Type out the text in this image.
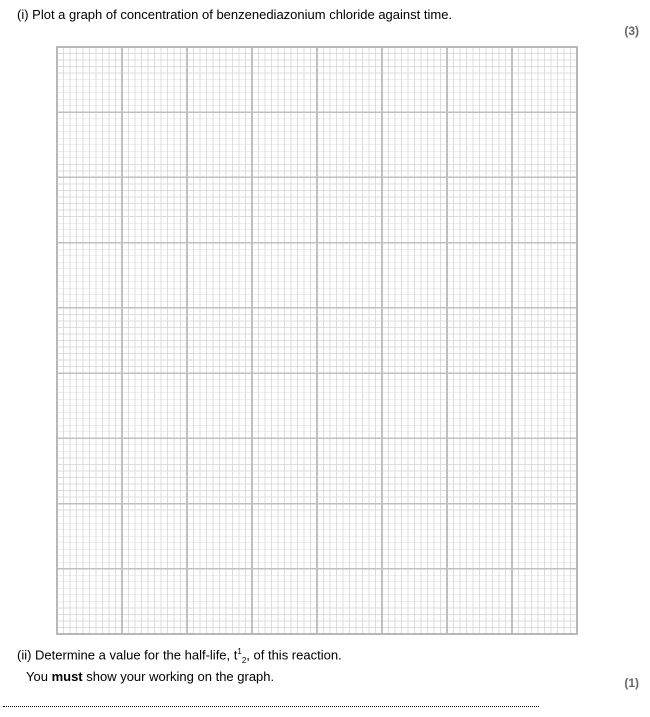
(i) Plot a graph of concentration of benzenediazonium chloride against time.
(3)
(ii) Determine a value for the half-life, $t^1_2$, of this reaction.
You must show your working on the graph.	(1)
